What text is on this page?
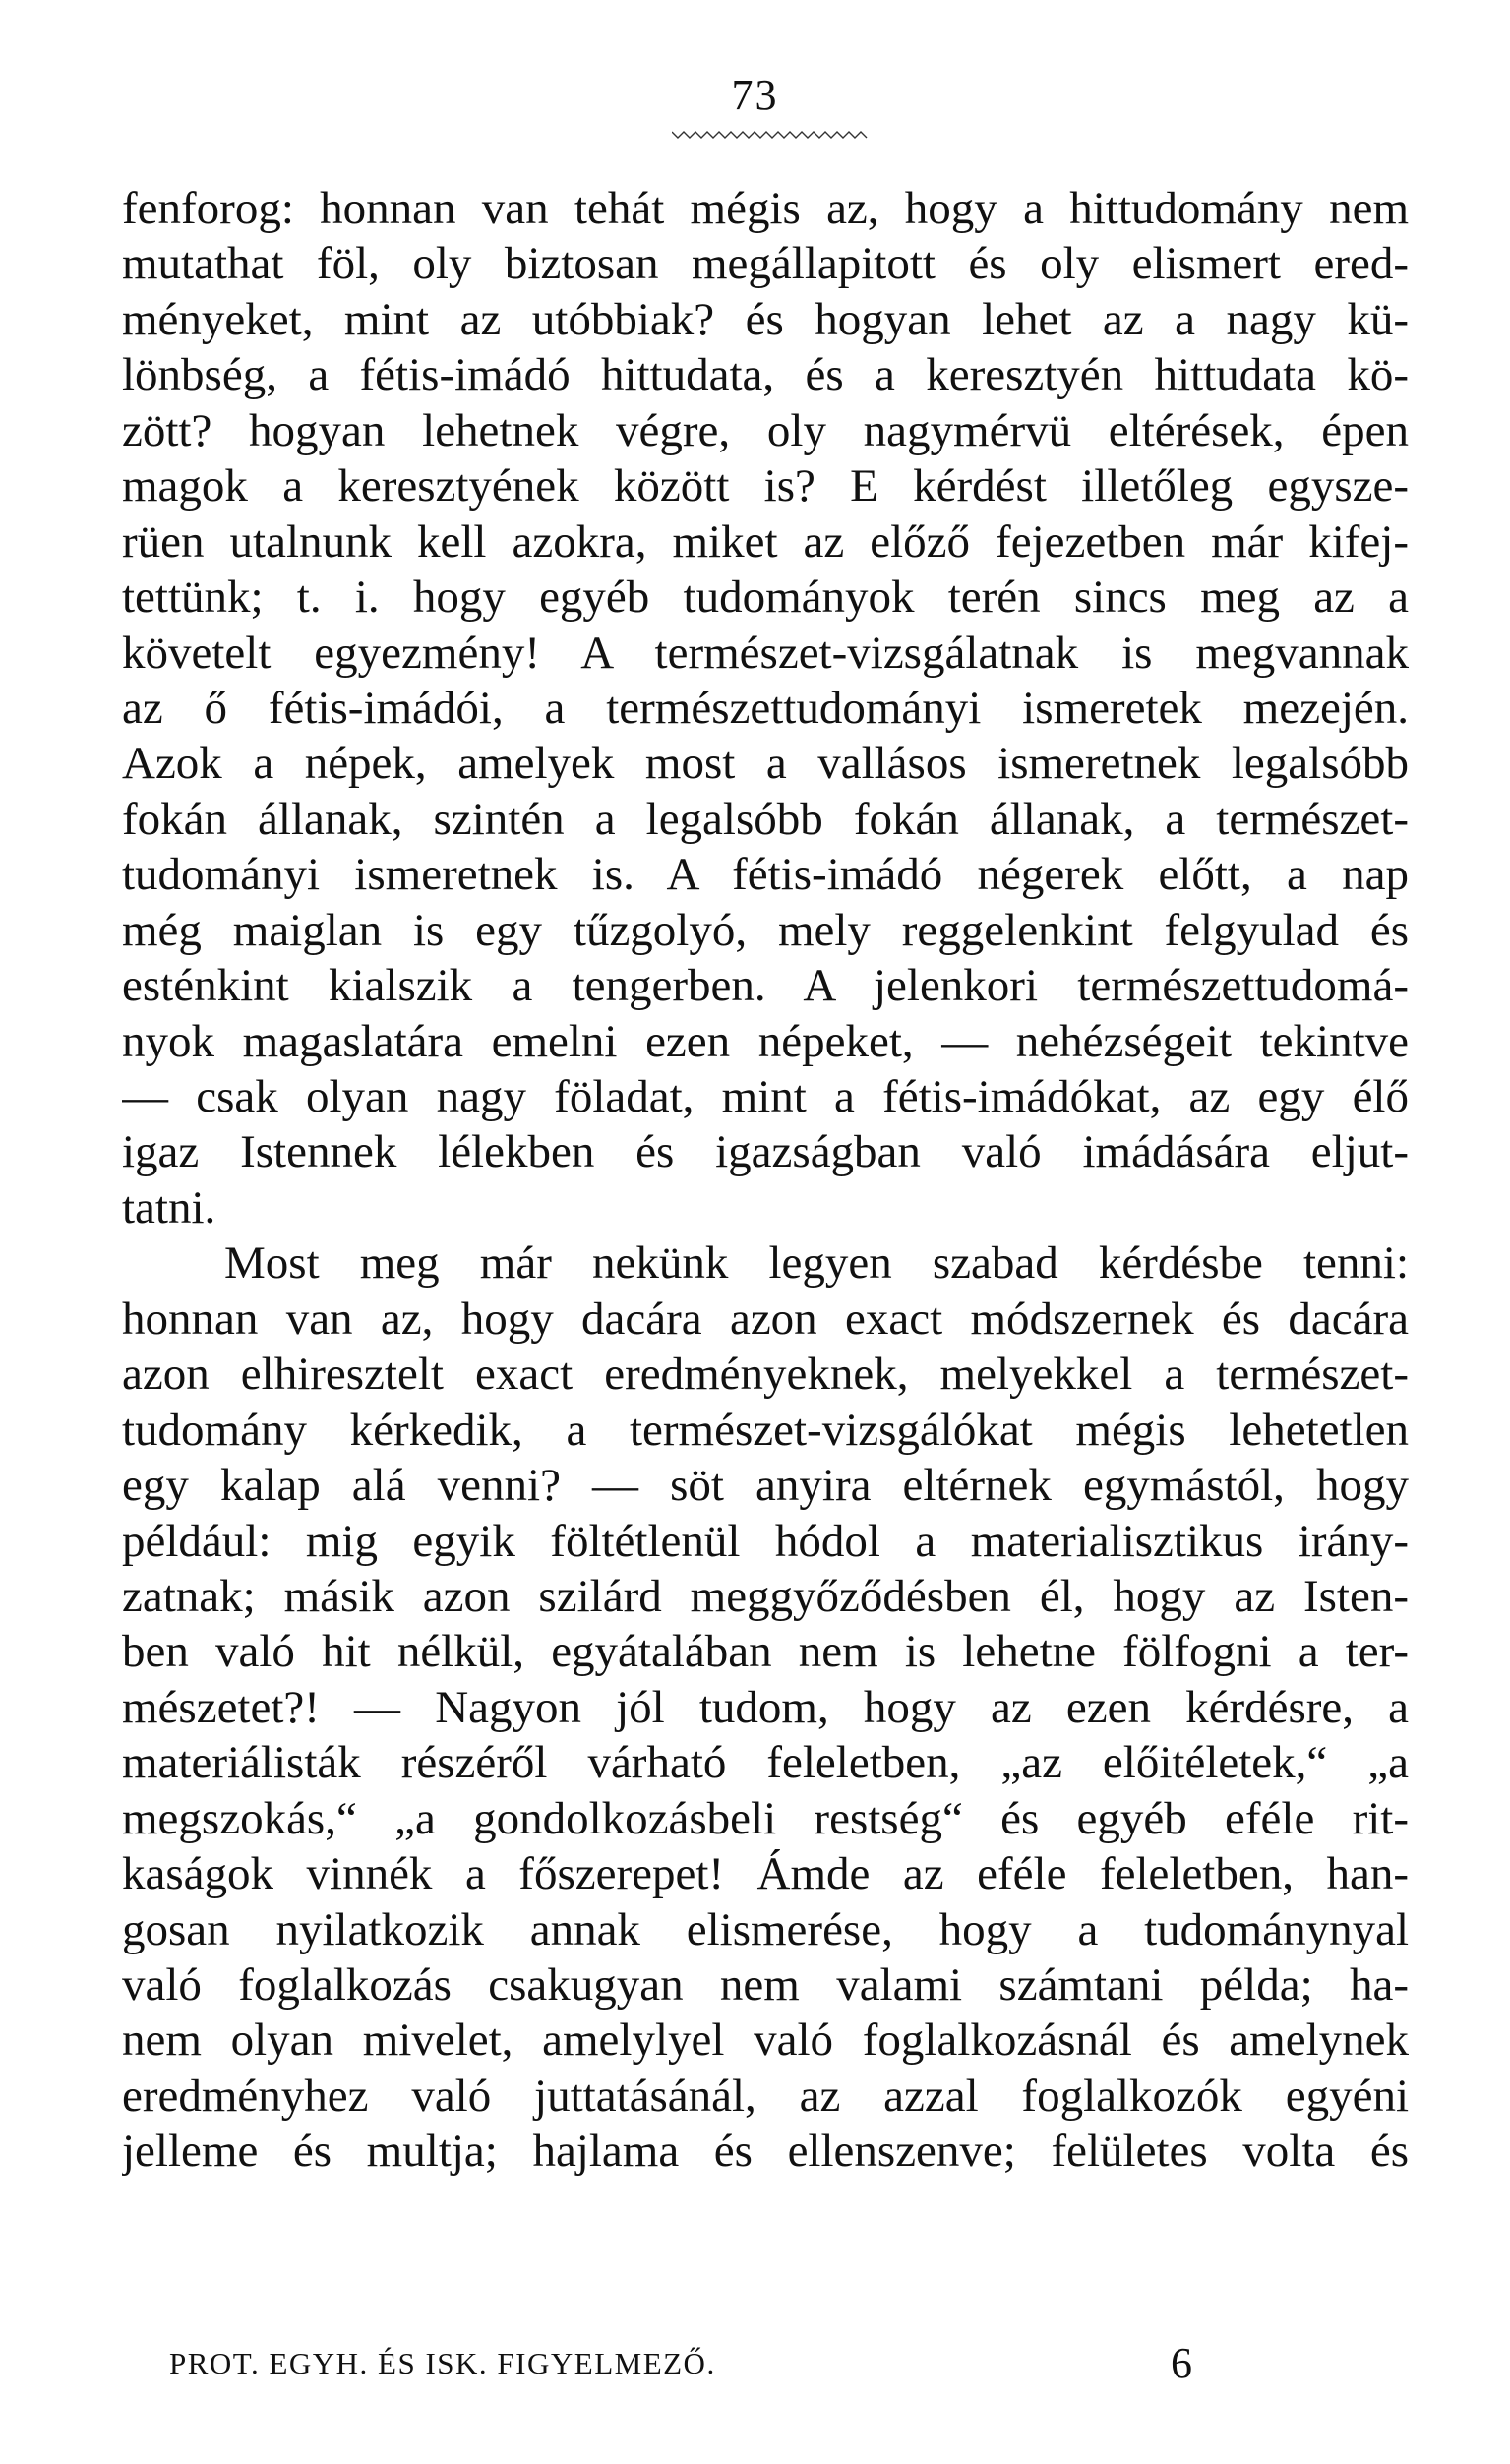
73
fenforog: honnan van tehát mégis az, hogy a hittudomány nem
mutathat föl, oly biztosan megállapitott és oly elismert ered-
ményeket, mint az utóbbiak? és hogyan lehet az a nagy kü-
lönbség, a fétis-imádó hittudata, és a keresztyén hittudata kö-
zött? hogyan lehetnek végre, oly nagymérvü eltérések, épen
magok a keresztyének között is? E kérdést illetőleg egysze-
rüen utalnunk kell azokra, miket az előző fejezetben már kifej-
tettünk; t. i. hogy egyéb tudományok terén sincs meg az a
követelt egyezmény! A természet-vizsgálatnak is megvannak
az ő fétis-imádói, a természettudományi ismeretek mezején.
Azok a népek, amelyek most a vallásos ismeretnek legalsóbb
fokán állanak, szintén a legalsóbb fokán állanak, a természet-
tudományi ismeretnek is. A fétis-imádó négerek előtt, a nap
még maiglan is egy tűzgolyó, mely reggelenkint felgyulad és
esténkint kialszik a tengerben. A jelenkori természettudomá-
nyok magaslatára emelni ezen népeket, — nehézségeit tekintve
— csak olyan nagy föladat, mint a fétis-imádókat, az egy élő
igaz Istennek lélekben és igazságban való imádására eljut-
tatni.
Most meg már nekünk legyen szabad kérdésbe tenni:
honnan van az, hogy dacára azon exact módszernek és dacára
azon elhiresztelt exact eredményeknek, melyekkel a természet-
tudomány kérkedik, a természet-vizsgálókat mégis lehetetlen
egy kalap alá venni? — söt anyira eltérnek egymástól, hogy
például: mig egyik föltétlenül hódol a materialisztikus irány-
zatnak; másik azon szilárd meggyőződésben él, hogy az Isten-
ben való hit nélkül, egyátalában nem is lehetne fölfogni a ter-
mészetet?! — Nagyon jól tudom, hogy az ezen kérdésre, a
materiálisták részéről várható feleletben, „az előitéletek,“ „a
megszokás,“ „a gondolkozásbeli restség“ és egyéb eféle rit-
kaságok vinnék a főszerepet! Ámde az eféle feleletben, han-
gosan nyilatkozik annak elismerése, hogy a tudománynyal
való foglalkozás csakugyan nem valami számtani példa; ha-
nem olyan mivelet, amelylyel való foglalkozásnál és amelynek
eredményhez való juttatásánál, az azzal foglalkozók egyéni
jelleme és multja; hajlama és ellenszenve; felületes volta és
PROT. EGYH. ÉS ISK. FIGYELMEZŐ.	6
